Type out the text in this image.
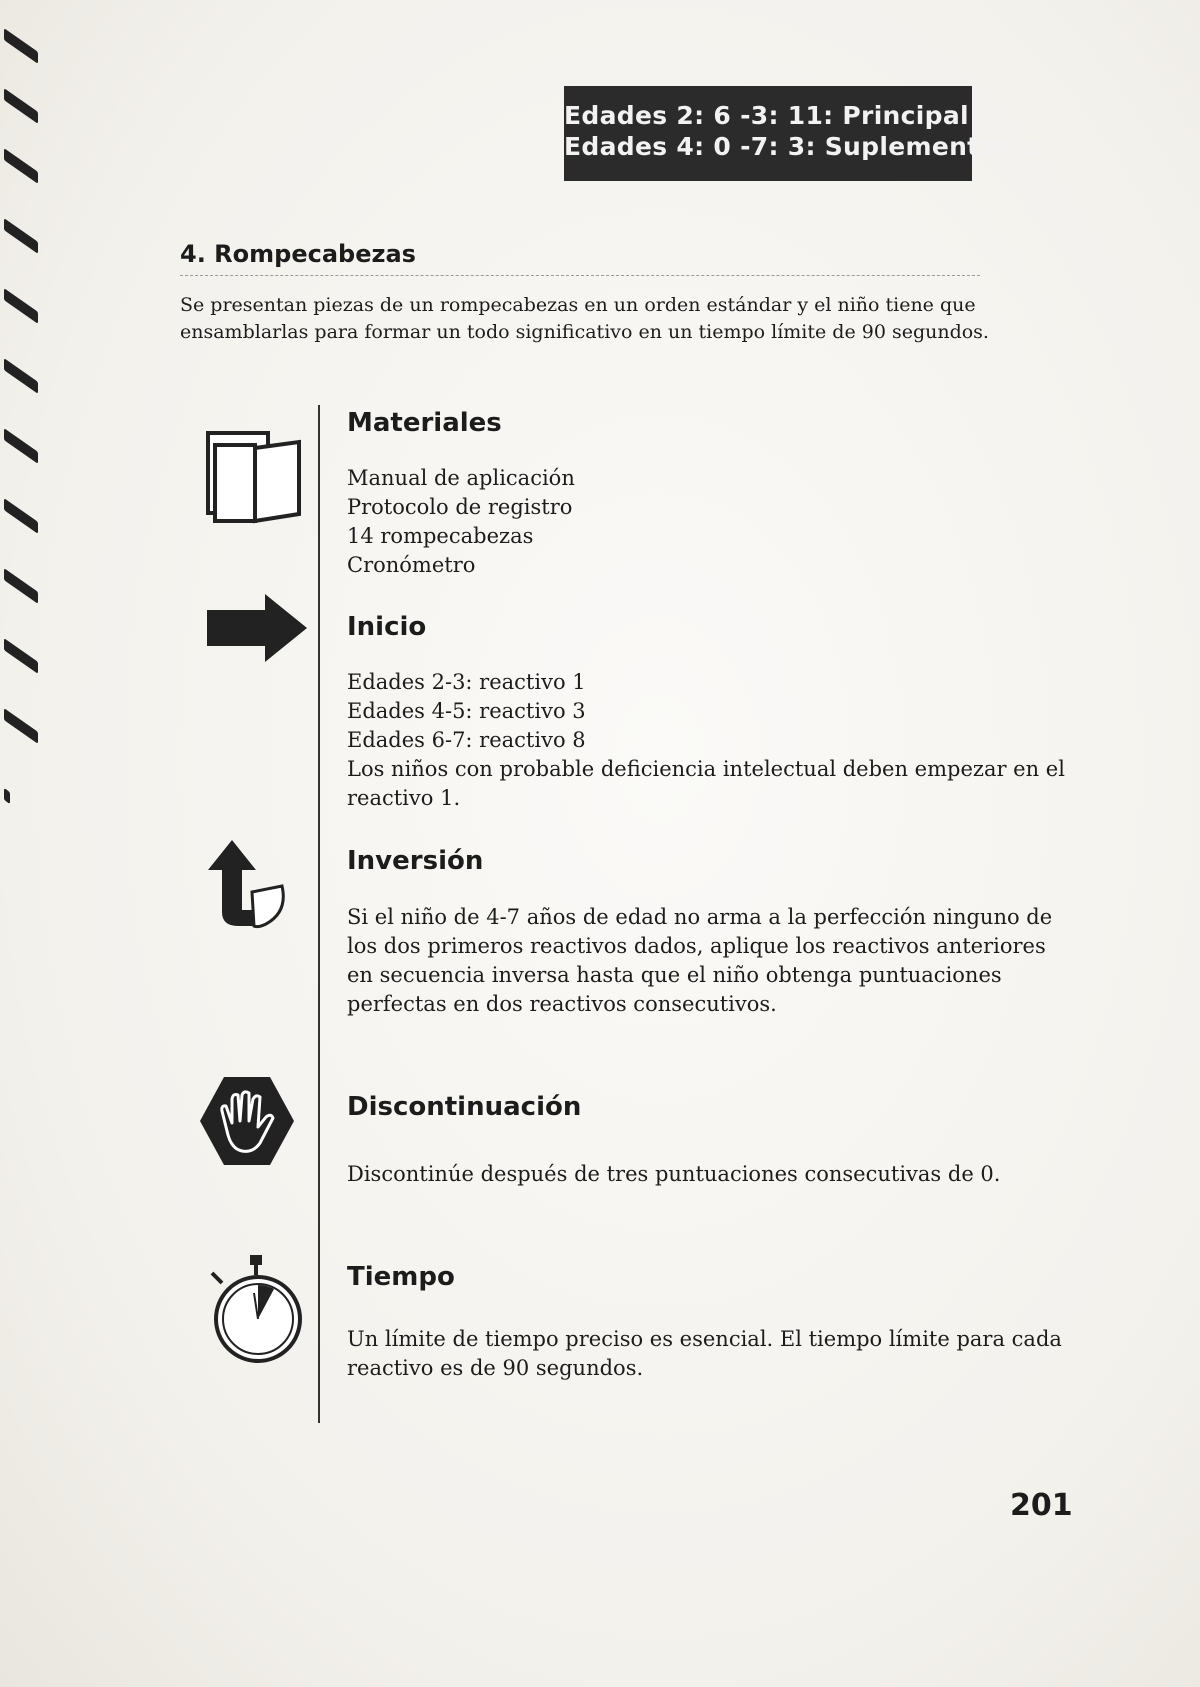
Edades 2: 6 -3: 11: Principal
Edades 4: 0 -7: 3: Suplementaria
4. Rompecabezas
Se presentan piezas de un rompecabezas en un orden estándar y el niño tiene que ensamblarlas para formar un todo significativo en un tiempo límite de 90 segundos.
Materiales
Manual de aplicación
Protocolo de registro
14 rompecabezas
Cronómetro
Inicio
Edades 2-3: reactivo 1
Edades 4-5: reactivo 3
Edades 6-7: reactivo 8
Los niños con probable deficiencia intelectual deben empezar en el reactivo 1.
Inversión
Si el niño de 4-7 años de edad no arma a la perfección ninguno de los dos primeros reactivos dados, aplique los reactivos anteriores en secuencia inversa hasta que el niño obtenga puntuaciones perfectas en dos reactivos consecutivos.
Discontinuación
Discontinúe después de tres puntuaciones consecutivas de 0.
Tiempo
Un límite de tiempo preciso es esencial. El tiempo límite para cada reactivo es de 90 segundos.
201
